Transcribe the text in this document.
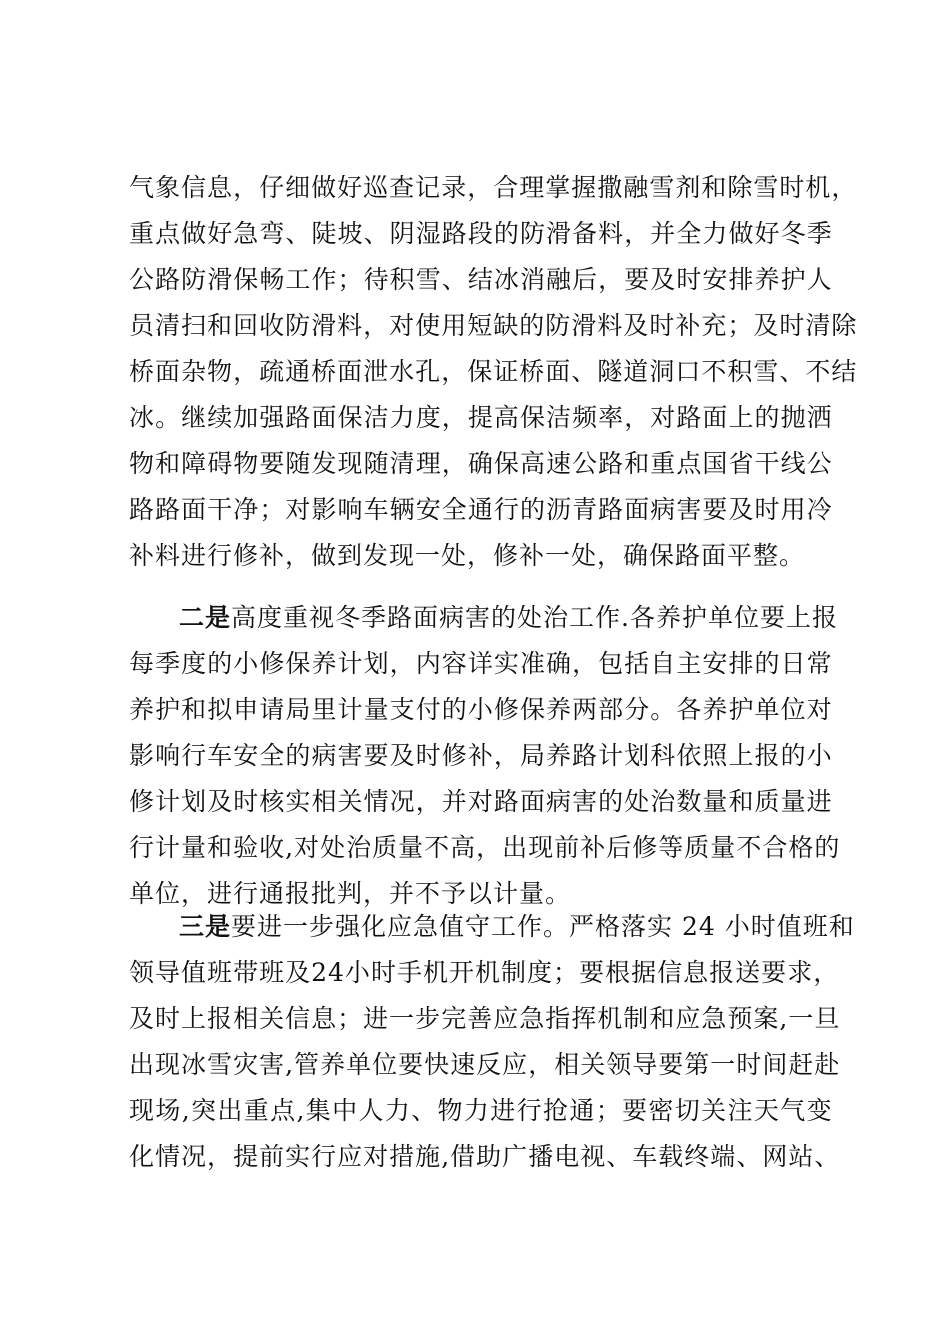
气 象 信 息 ， 仔 细 做 好 巡 查 记 录 ， 合 理 掌 握 撒 融 雪 剂 和 除 雪 时 机 ，
重 点 做 好 急 弯 、 陡 坡 、 阴 湿 路 段 的 防 滑 备 料 ， 并 全 力 做 好 冬 季
公 路 防 滑 保 畅 工 作 ； 待 积 雪 、 结 冰 消 融 后 ， 要 及 时 安 排 养 护 人
员 清 扫 和 回 收 防 滑 料 ， 对 使 用 短 缺 的 防 滑 料 及 时 补 充 ； 及 时 清 除
桥 面 杂 物 ， 疏 通 桥 面 泄 水 孔 ， 保 证 桥 面 、 隧 道 洞 口 不 积 雪 、 不 结
冰 。 继 续 加 强 路 面 保 洁 力 度 ， 提 高 保 洁 频 率 ， 对 路 面 上 的 抛 洒
物 和 障 碍 物 要 随 发 现 随 清 理 ， 确 保 高 速 公 路 和 重 点 国 省 干 线 公
路 路 面 干 净 ； 对 影 响 车 辆 安 全 通 行 的 沥 青 路 面 病 害 要 及 时 用 冷
补料进行修补，做到发现一处，修补一处，确保路面平整。
二是 高度重视冬季路面病害的处治工作.各养护单位要上报
每 季 度 的 小 修 保 养 计 划 ， 内 容 详 实 准 确 ， 包 括 自 主 安 排 的 日 常
养 护 和 拟 申 请 局 里 计 量 支 付 的 小 修 保 养 两 部 分 。 各 养 护 单 位 对
影 响 行 车 安 全 的 病 害 要 及 时 修 补 ， 局 养 路 计 划 科 依 照 上 报 的 小
修 计 划 及 时 核 实 相 关 情 况 ， 并 对 路 面 病 害 的 处 治 数 量 和 质 量 进
行 计 量 和 验 收 , 对 处 治 质 量 不 高 ， 出 现 前 补 后 修 等 质 量 不 合 格 的
单位，进行通报批判，并不予以计量。
三是 要进一步强化应急值守工作。严格落实 24 小时值班和
领 导 值 班 带 班 及 2 4 小 时 手 机 开 机 制 度 ； 要 根 据 信 息 报 送 要 求 ，
及 时 上 报 相 关 信 息 ； 进 一 步 完 善 应 急 指 挥 机 制 和 应 急 预 案 , 一 旦
出 现 冰 雪 灾 害 , 管 养 单 位 要 快 速 反 应 ， 相 关 领 导 要 第 一 时 间 赶 赴
现 场 , 突 出 重 点 , 集 中 人 力 、 物 力 进 行 抢 通 ； 要 密 切 关 注 天 气 变
化 情 况 ， 提 前 实 行 应 对 措 施 , 借 助 广 播 电 视 、 车 载 终 端 、 网 站 、
